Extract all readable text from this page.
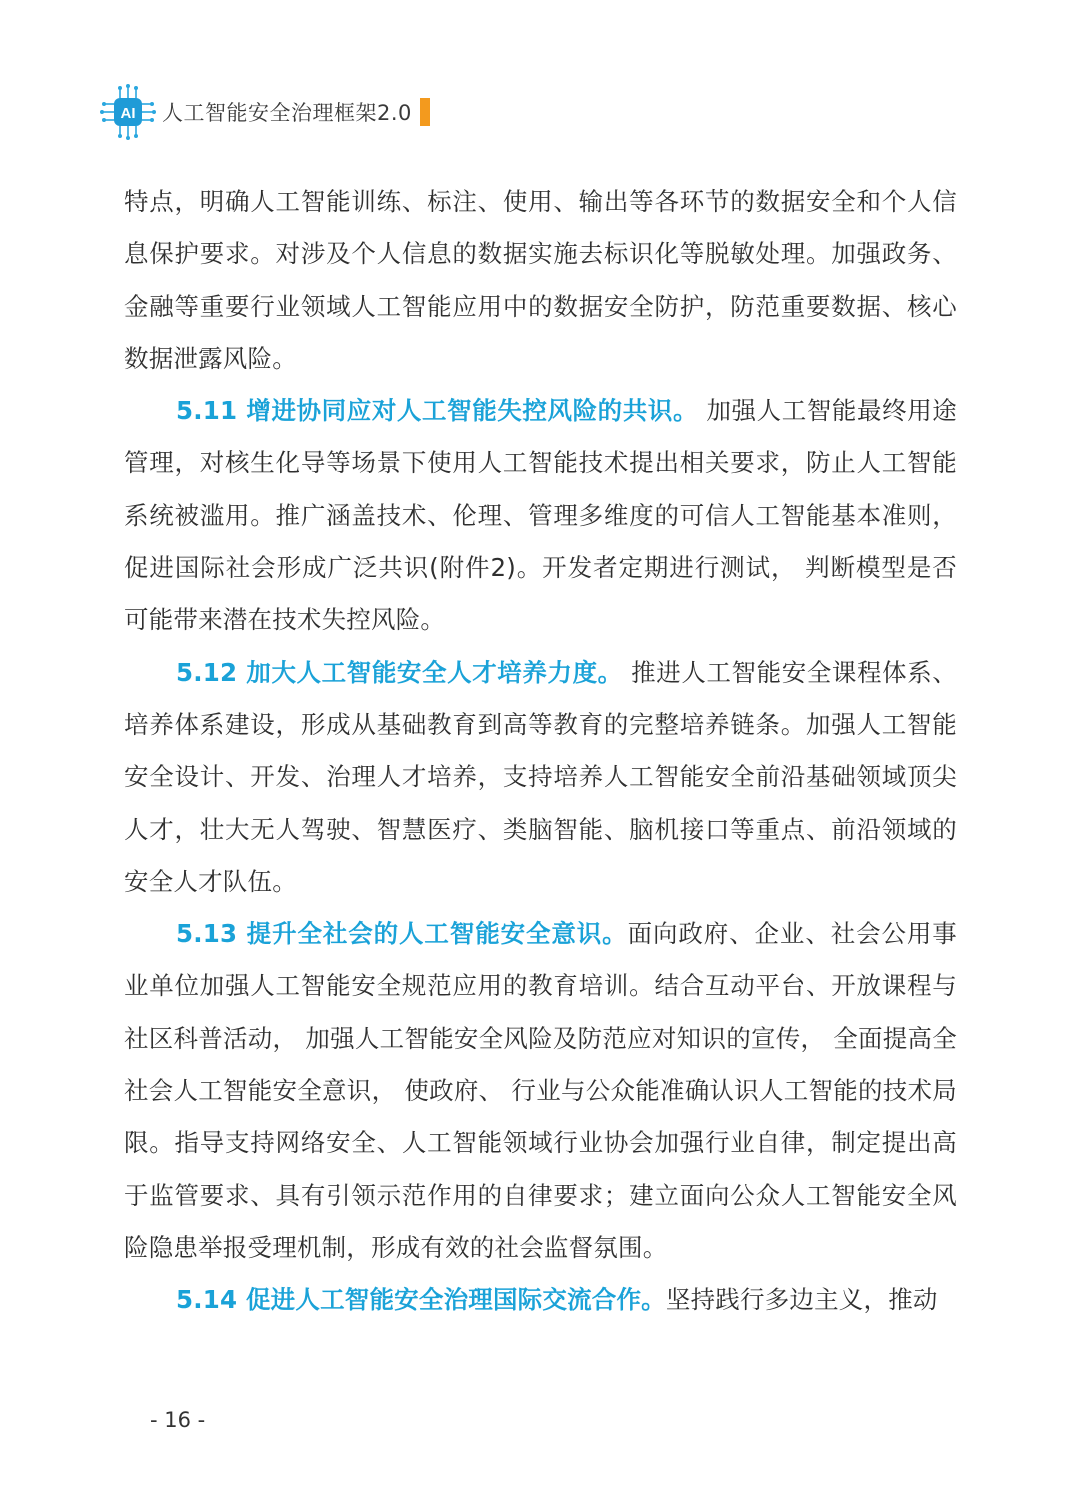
AI 人工智能安全治理框架2.0

特点，明确人工智能训练、标注、使用、输出等各环节的数据安全和个人信息保护要求。对涉及个人信息的数据实施去标识化等脱敏处理。加强政务、金融等重要行业领域人工智能应用中的数据安全防护，防范重要数据、核心数据泄露风险。

5.11 增进协同应对人工智能失控风险的共识。 加强人工智能最终用途管理，对核生化导等场景下使用人工智能技术提出相关要求，防止人工智能系统被滥用。推广涵盖技术、伦理、管理多维度的可信人工智能基本准则， 促进国际社会形成广泛共识(附件2)。开发者定期进行测试， 判断模型是否可能带来潜在技术失控风险。

5.12 加大人工智能安全人才培养力度。 推进人工智能安全课程体系、培养体系建设，形成从基础教育到高等教育的完整培养链条。加强人工智能安全设计、开发、治理人才培养，支持培养人工智能安全前沿基础领域顶尖人才，壮大无人驾驶、智慧医疗、类脑智能、脑机接口等重点、前沿领域的安全人才队伍。

5.13 提升全社会的人工智能安全意识。面向政府、企业、社会公用事业单位加强人工智能安全规范应用的教育培训。结合互动平台、开放课程与社区科普活动， 加强人工智能安全风险及防范应对知识的宣传， 全面提高全社会人工智能安全意识， 使政府、 行业与公众能准确认识人工智能的技术局限。指导支持网络安全、人工智能领域行业协会加强行业自律，制定提出高于监管要求、具有引领示范作用的自律要求；建立面向公众人工智能安全风险隐患举报受理机制，形成有效的社会监督氛围。

5.14 促进人工智能安全治理国际交流合作。坚持践行多边主义，推动

- 16 -
